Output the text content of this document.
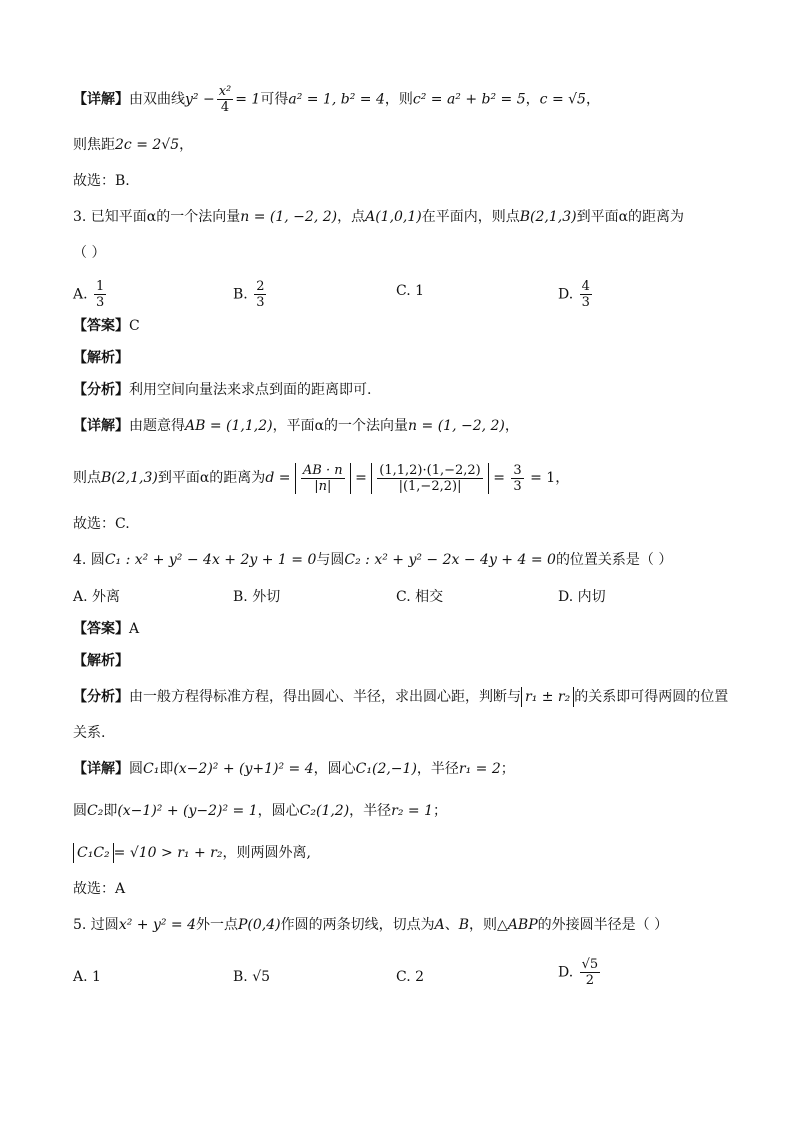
【详解】由双曲线$y^2 - \frac{\text{x²}}{4} = 1$可得a² = 1, b² = 4，则c² = a² + b² = 5，c = √5，
则焦距2c = 2√5，
故选：B.
3. 已知平面α的一个法向量n = (1, −2, 2)，点A(1,0,1)在平面内，则点B(2,1,3)到平面α的距离为
（ ）
A. $\frac{1}{3}$	B. $\frac{2}{3}$	C. 1	D. $\frac{4}{3}$
【答案】C
【解析】
【分析】利用空间向量法来求点到面的距离即可.
【详解】由题意得AB = (1,1,2)，平面α的一个法向量n = (1, −2, 2)，
则点B(2,1,3)到平面α的距离为$d = \frac{AB \cdot n}{|n|} = \frac{(1,1,2)\cdot(1,-2,2)}{|(1,-2,2)|} = \frac{3}{3} = 1$，
故选：C.
4. 圆C₁ : x² + y² − 4x + 2y + 1 = 0与圆C₂ : x² + y² − 2x − 4y + 4 = 0的位置关系是（ ）
A. 外离	B. 外切	C. 相交	D. 内切
【答案】A
【解析】
【分析】由一般方程得标准方程，得出圆心、半径，求出圆心距，判断与 r₁ ± r₂ 的关系即可得两圆的位置
关系.
【详解】圆C₁即(x−2)² + (y+1)² = 4，圆心C₁(2,−1)，半径r₁ = 2；
圆C₂即(x−1)² + (y−2)² = 1，圆心C₂(1,2)，半径r₂ = 1；
C₁C₂ = √10 > r₁ + r₂，则两圆外离,
故选：A
5. 过圆x² + y² = 4外一点P(0,4)作圆的两条切线，切点为A、B，则△ABP的外接圆半径是（ ）
A. 1	B. √5	C. 2	D. $\frac{√5}{2}$
